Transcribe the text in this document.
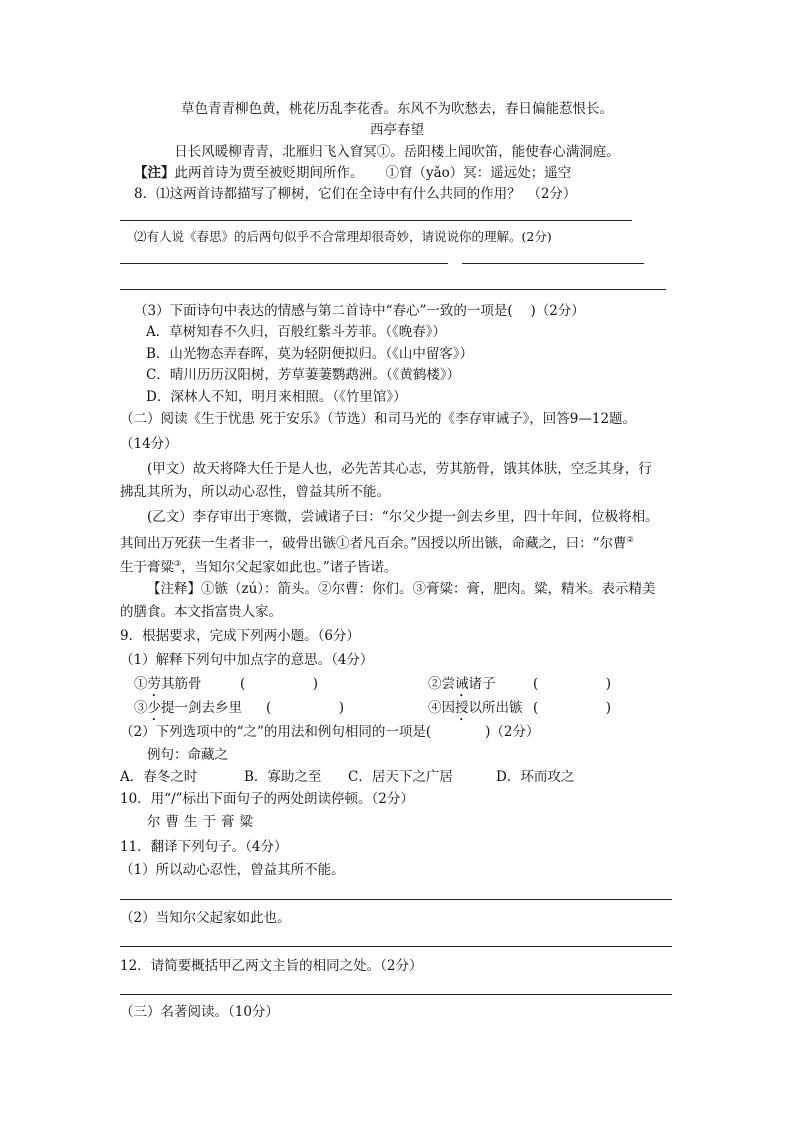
草色青青柳色黄，桃花历乱李花香。东风不为吹愁去，春日偏能惹恨长。
西亭春望
日长风暖柳青青，北雁归飞入窅冥①。岳阳楼上闻吹笛，能使春心满洞庭。
【注】此两首诗为贾至被贬期间所作。 ①窅（yǎo）冥：遥远处；遥空
8．⑴这两首诗都描写了柳树，它们在全诗中有什么共同的作用？　（2分）
⑵有人说《春思》的后两句似乎不合常理却很奇妙，请说说你的理解。(2分)
（3）下面诗句中表达的情感与第二首诗中“春心”一致的一项是(　 )（2分）
A．草树知春不久归，百般红紫斗芳菲。（《晚春》）
B．山光物态弄春晖，莫为轻阴便拟归。（《山中留客》）
C．晴川历历汉阳树，芳草萋萋鹦鹉洲。（《黄鹤楼》）
D．深林人不知，明月来相照。（《竹里馆》）
（二）阅读《生于忧患 死于安乐》（节选）和司马光的《李存审诫子》，回答9—12题。
（14分）
(甲文）故天将降大任于是人也，必先苦其心志，劳其筋骨，饿其体肤，空乏其身，行
拂乱其所为，所以动心忍性，曾益其所不能。
(乙文）李存审出于寒微，尝诫诸子曰：“尔父少提一剑去乡里，四十年间，位极将相。
其间出万死获一生者非一，破骨出镞①者凡百余。”因授以所出镞，命藏之，曰：“尔曹②
生于膏粱③，当知尔父起家如此也。”诸子皆诺。
【注释】①镞（zú）：箭头。②尔曹：你们。③膏粱：膏，肥肉。粱，精米。表示精美
的膳食。本文指富贵人家。
9．根据要求，完成下列两小题。（6分）
（1）解释下列句中加点字的意思。（4分）
①劳其筋骨	(　　　　　)	②尝诫诸子	(　　　　　)
③少提一剑去乡里 (　　　　　)	④因授以所出镞 (　　　　　)
（2）下列选项中的“之”的用法和例句相同的一项是(　　　　)（2分）
例句：命藏之
A．春冬之时	B．寡助之至 C．居天下之广居	D．环而攻之
10．用“/”标出下面句子的两处朗读停顿。（2分）
尔曹生于膏粱
11．翻译下列句子。（4分）
（1）所以动心忍性，曾益其所不能。
（2）当知尔父起家如此也。
12．请简要概括甲乙两文主旨的相同之处。（2分）
（三）名著阅读。（10分）
